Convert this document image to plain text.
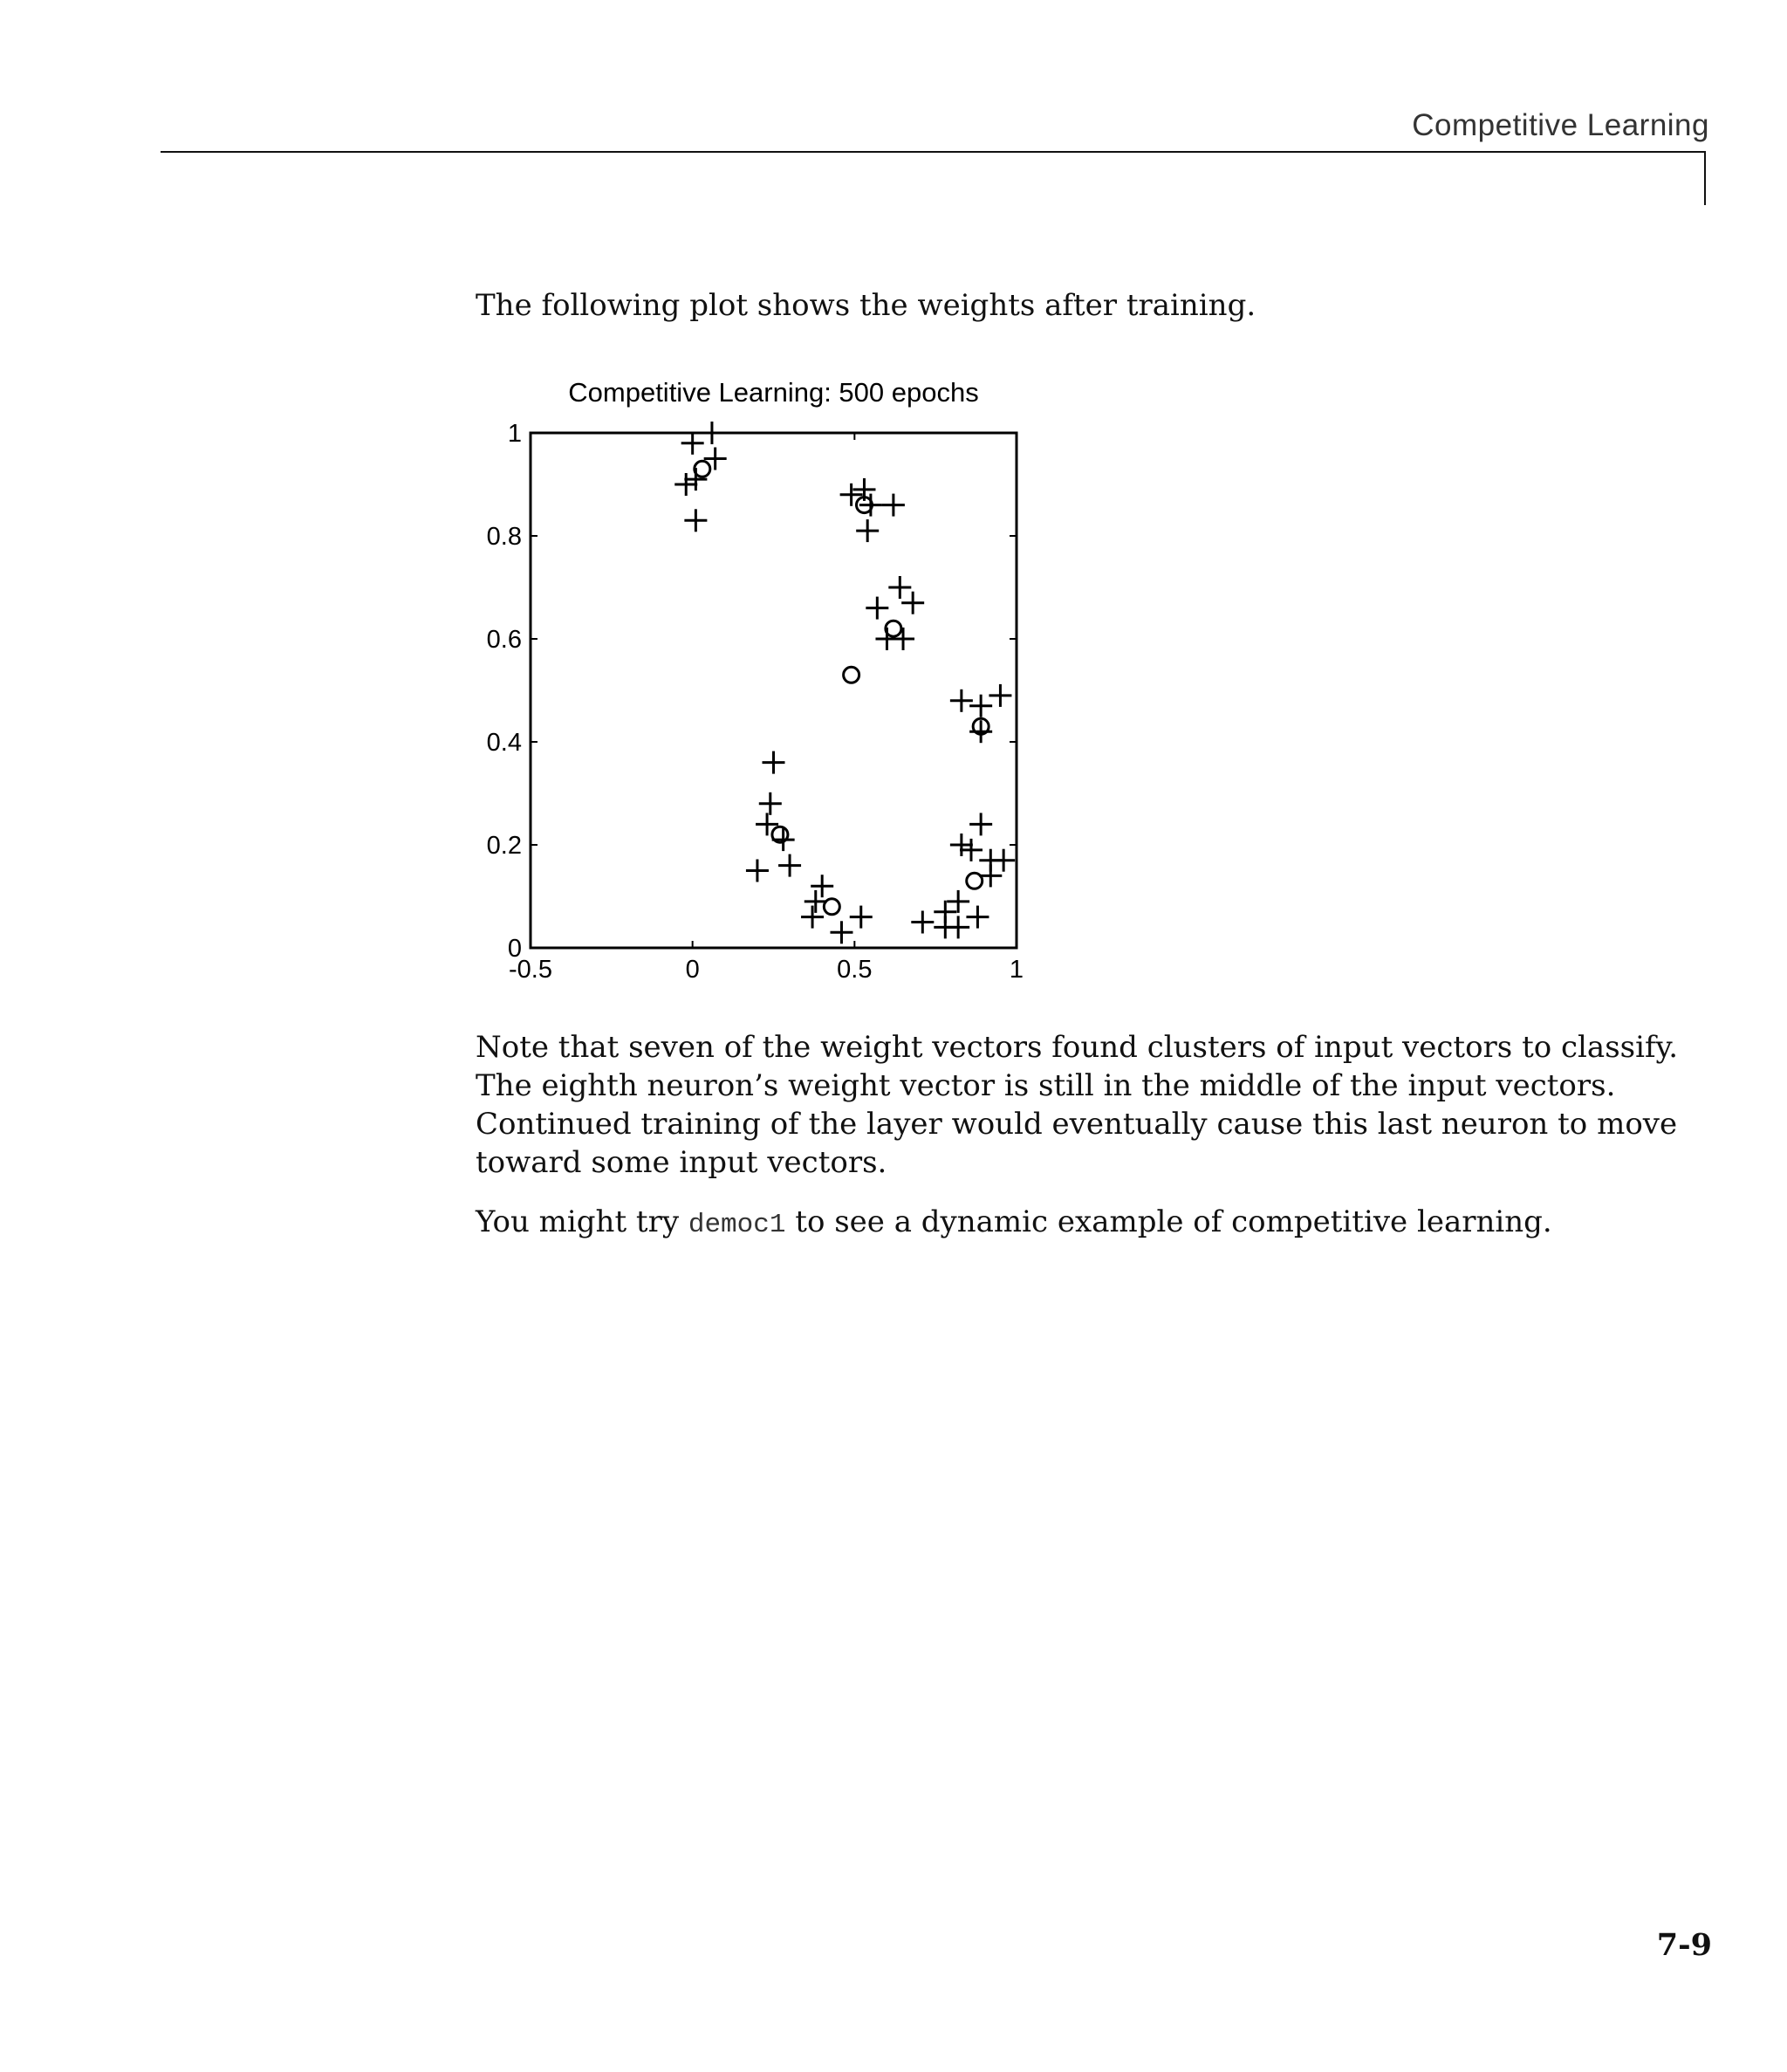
Competitive Learning

The following plot shows the weights after training.

Competitive Learning: 500 epochs
-0.5	0	0.5	1
0
0.2
0.4
0.6
0.8
1

Note that seven of the weight vectors found clusters of input vectors to classify. The eighth neuron’s weight vector is still in the middle of the input vectors. Continued training of the layer would eventually cause this last neuron to move toward some input vectors.

You might try democ1 to see a dynamic example of competitive learning.

7-9
